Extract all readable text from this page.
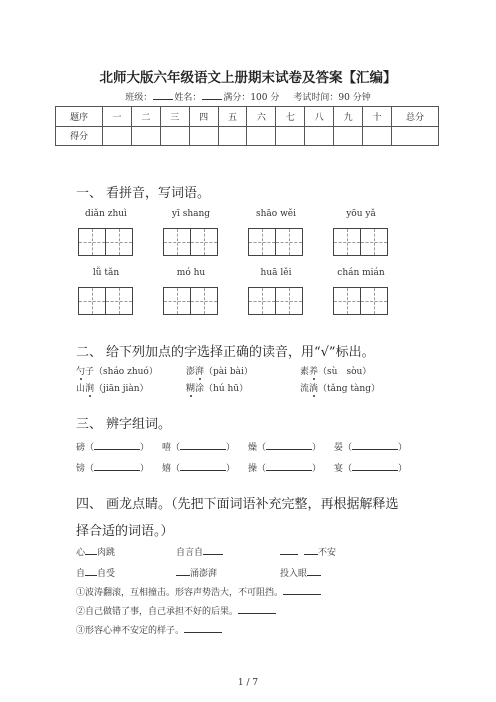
北师大版六年级语文上册期末试卷及答案【汇编】
班级： 姓名： 满分：100 分 考试时间：90 分钟
题序	一	二	三	四	五	六	七	八	九	十	总分
得分											
一、 看拼音，写词语。
diǎn zhuì	yī shang	shāo wěi	yōu yǎ
lǚ tǎn	mó hu	huā lěi	chán mián
二、 给下列加点的字选择正确的读音，用“√”标出。
勺子（sháo zhuó）	澎湃（pài bài）	素养（sù　sòu）
山涧（jiān jiàn）	糊涂（hú hū）	流淌（tǎng tàng）
三、 辨字组词。
磅（	） 嘻（	） 燥（	） 晏（	）
镑（	） 嬉（	） 操（	） 宴（	）
四、 画龙点睛。（先把下面词语补充完整，再根据解释选
择合适的词语。）
心 肉跳	自言自	不安
自 自受	涌澎湃	投入眼
①波涛翻滚，互相撞击。形容声势浩大，不可阻挡。
②自己做错了事，自己承担不好的后果。
③形容心神不安定的样子。
1 / 7
